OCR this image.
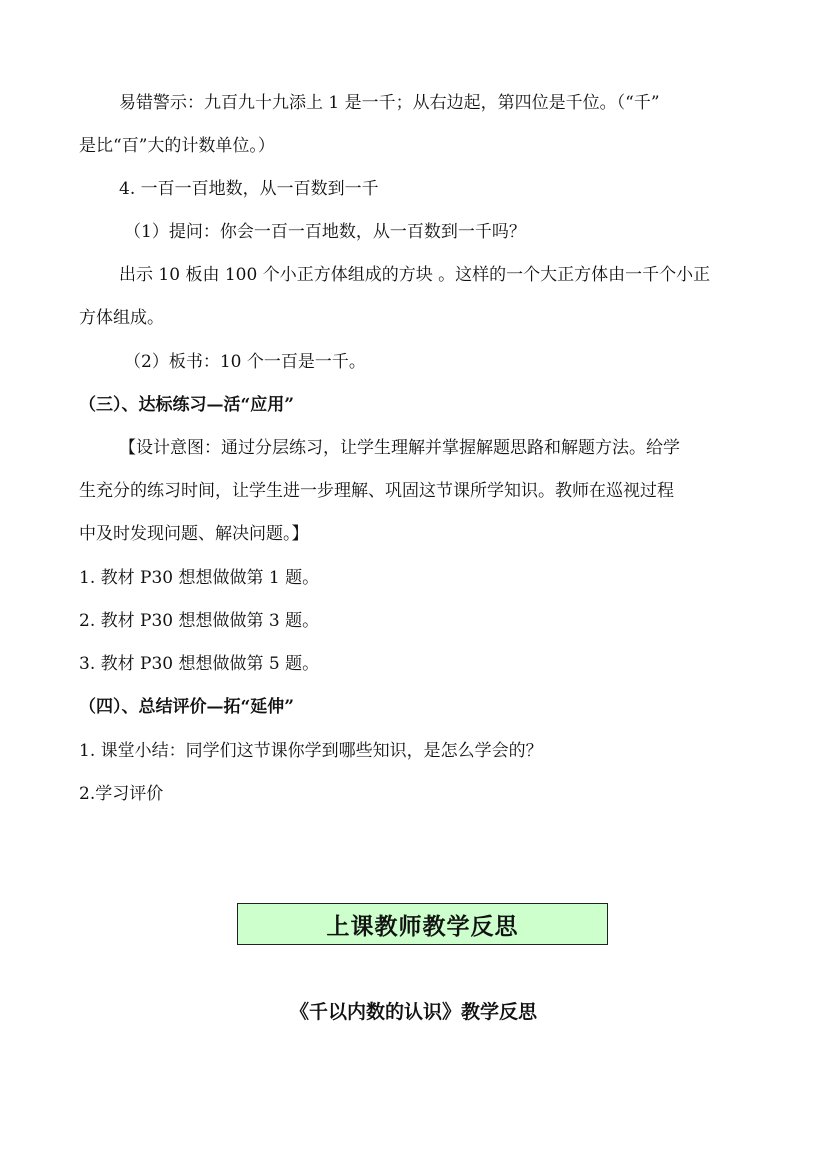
易错警示：九百九十九添上 1 是一千；从右边起，第四位是千位。（“千”
是比“百”大的计数单位。）
4. 一百一百地数，从一百数到一千
（1）提问：你会一百一百地数，从一百数到一千吗？
出示 10 板由 100 个小正方体组成的方块 。这样的一个大正方体由一千个小正
方体组成。
（2）板书：10 个一百是一千。
（三）、达标练习—活“应用”
【设计意图：通过分层练习，让学生理解并掌握解题思路和解题方法。给学
生充分的练习时间，让学生进一步理解、巩固这节课所学知识。教师在巡视过程
中及时发现问题、解决问题。】
1. 教材 P30 想想做做第 1 题。
2. 教材 P30 想想做做第 3 题。
3. 教材 P30 想想做做第 5 题。
（四）、总结评价—拓“延伸”
1. 课堂小结：同学们这节课你学到哪些知识，是怎么学会的？
2.学习评价
上课教师教学反思
《千以内数的认识》教学反思
